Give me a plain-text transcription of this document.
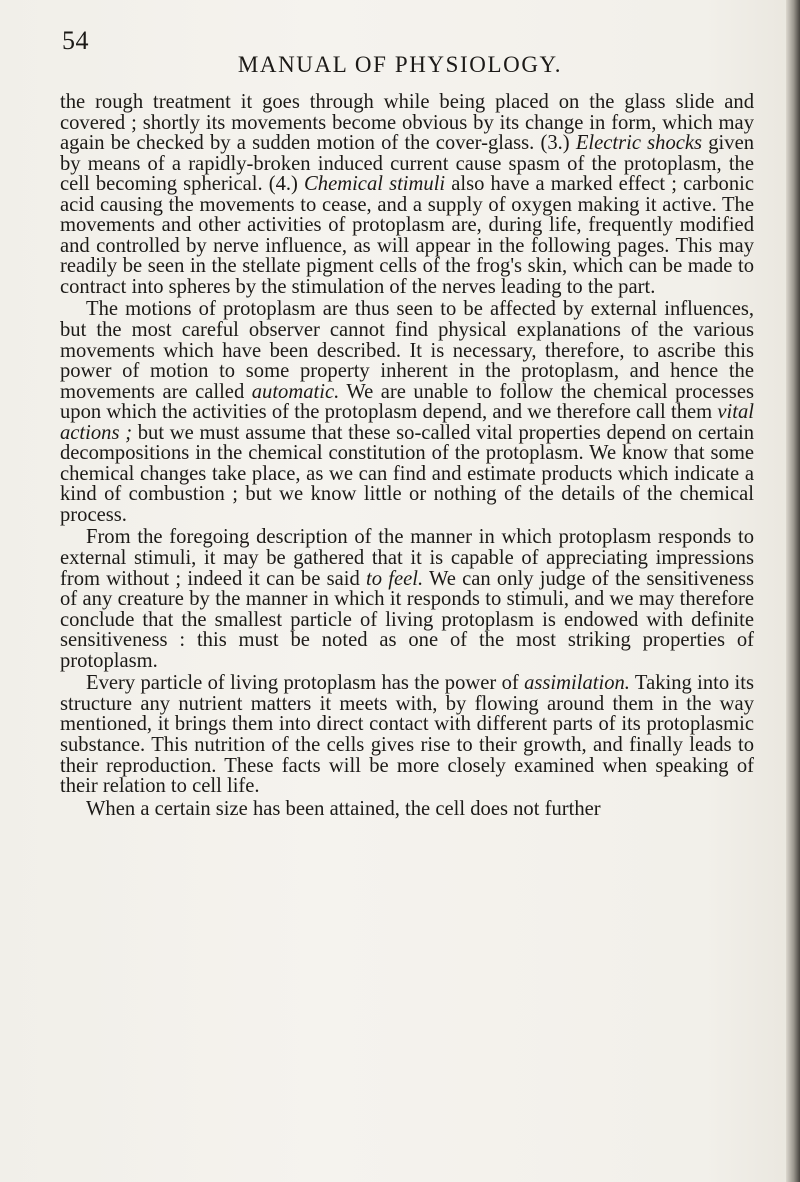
54
MANUAL OF PHYSIOLOGY.

the rough treatment it goes through while being placed on the glass slide and covered ; shortly its movements become obvious by its change in form, which may again be checked by a sudden motion of the cover-glass. (3.) Electric shocks given by means of a rapidly-broken induced current cause spasm of the protoplasm, the cell becoming spherical. (4.) Chemical stimuli also have a marked effect ; carbonic acid causing the movements to cease, and a supply of oxygen making it active. The movements and other activities of protoplasm are, during life, frequently modified and controlled by nerve influence, as will appear in the following pages. This may readily be seen in the stellate pigment cells of the frog's skin, which can be made to contract into spheres by the stimulation of the nerves leading to the part.

The motions of protoplasm are thus seen to be affected by external influences, but the most careful observer cannot find physical explanations of the various movements which have been described. It is necessary, therefore, to ascribe this power of motion to some property inherent in the protoplasm, and hence the movements are called automatic. We are unable to follow the chemical processes upon which the activities of the protoplasm depend, and we therefore call them vital actions ; but we must assume that these so-called vital properties depend on certain decompositions in the chemical constitution of the protoplasm. We know that some chemical changes take place, as we can find and estimate products which indicate a kind of combustion ; but we know little or nothing of the details of the chemical process.

From the foregoing description of the manner in which protoplasm responds to external stimuli, it may be gathered that it is capable of appreciating impressions from without ; indeed it can be said to feel. We can only judge of the sensitiveness of any creature by the manner in which it responds to stimuli, and we may therefore conclude that the smallest particle of living protoplasm is endowed with definite sensitiveness : this must be noted as one of the most striking properties of protoplasm.

Every particle of living protoplasm has the power of assimilation. Taking into its structure any nutrient matters it meets with, by flowing around them in the way mentioned, it brings them into direct contact with different parts of its protoplasmic substance. This nutrition of the cells gives rise to their growth, and finally leads to their reproduction. These facts will be more closely examined when speaking of their relation to cell life.

When a certain size has been attained, the cell does not further
